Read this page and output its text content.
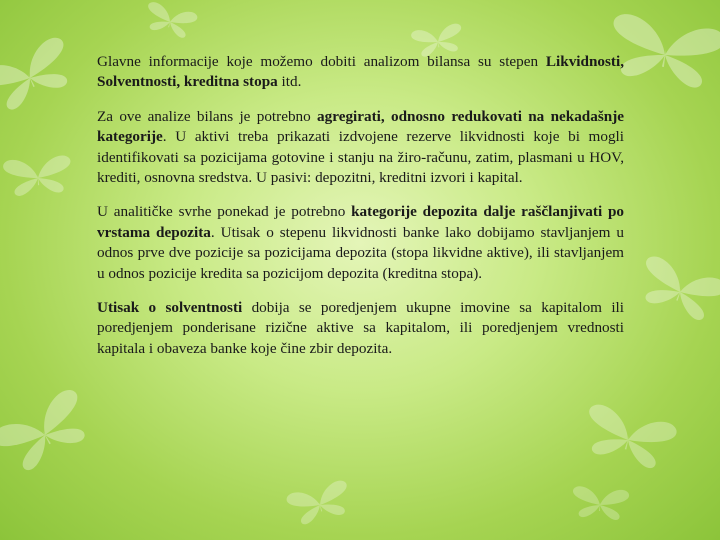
Glavne informacije koje možemo dobiti analizom bilansa su stepen Likvidnosti, Solventnosti, kreditna stopa itd.

Za ove analize bilans je potrebno agregirati, odnosno redukovati na nekadašnje kategorije. U aktivi treba prikazati izdvojene rezerve likvidnosti koje bi mogli identifikovati sa pozicijama gotovine i stanju na žiro-računu, zatim, plasmani u HOV, krediti, osnovna sredstva. U pasivi: depozitni, kreditni izvori i kapital.

U analitičke svrhe ponekad je potrebno kategorije depozita dalje raščlanjivati po vrstama depozita. Utisak o stepenu likvidnosti banke lako dobijamo stavljanjem u odnos prve dve pozicije sa pozicijama depozita (stopa likvidne aktive), ili stavljanjem u odnos pozicije kredita sa pozicijom depozita (kreditna stopa).

Utisak o solventnosti dobija se poredjenjem ukupne imovine sa kapitalom ili poredjenjem ponderisane rizične aktive sa kapitalom, ili poredjenjem vrednosti kapitala i obaveza banke koje čine zbir depozita.
